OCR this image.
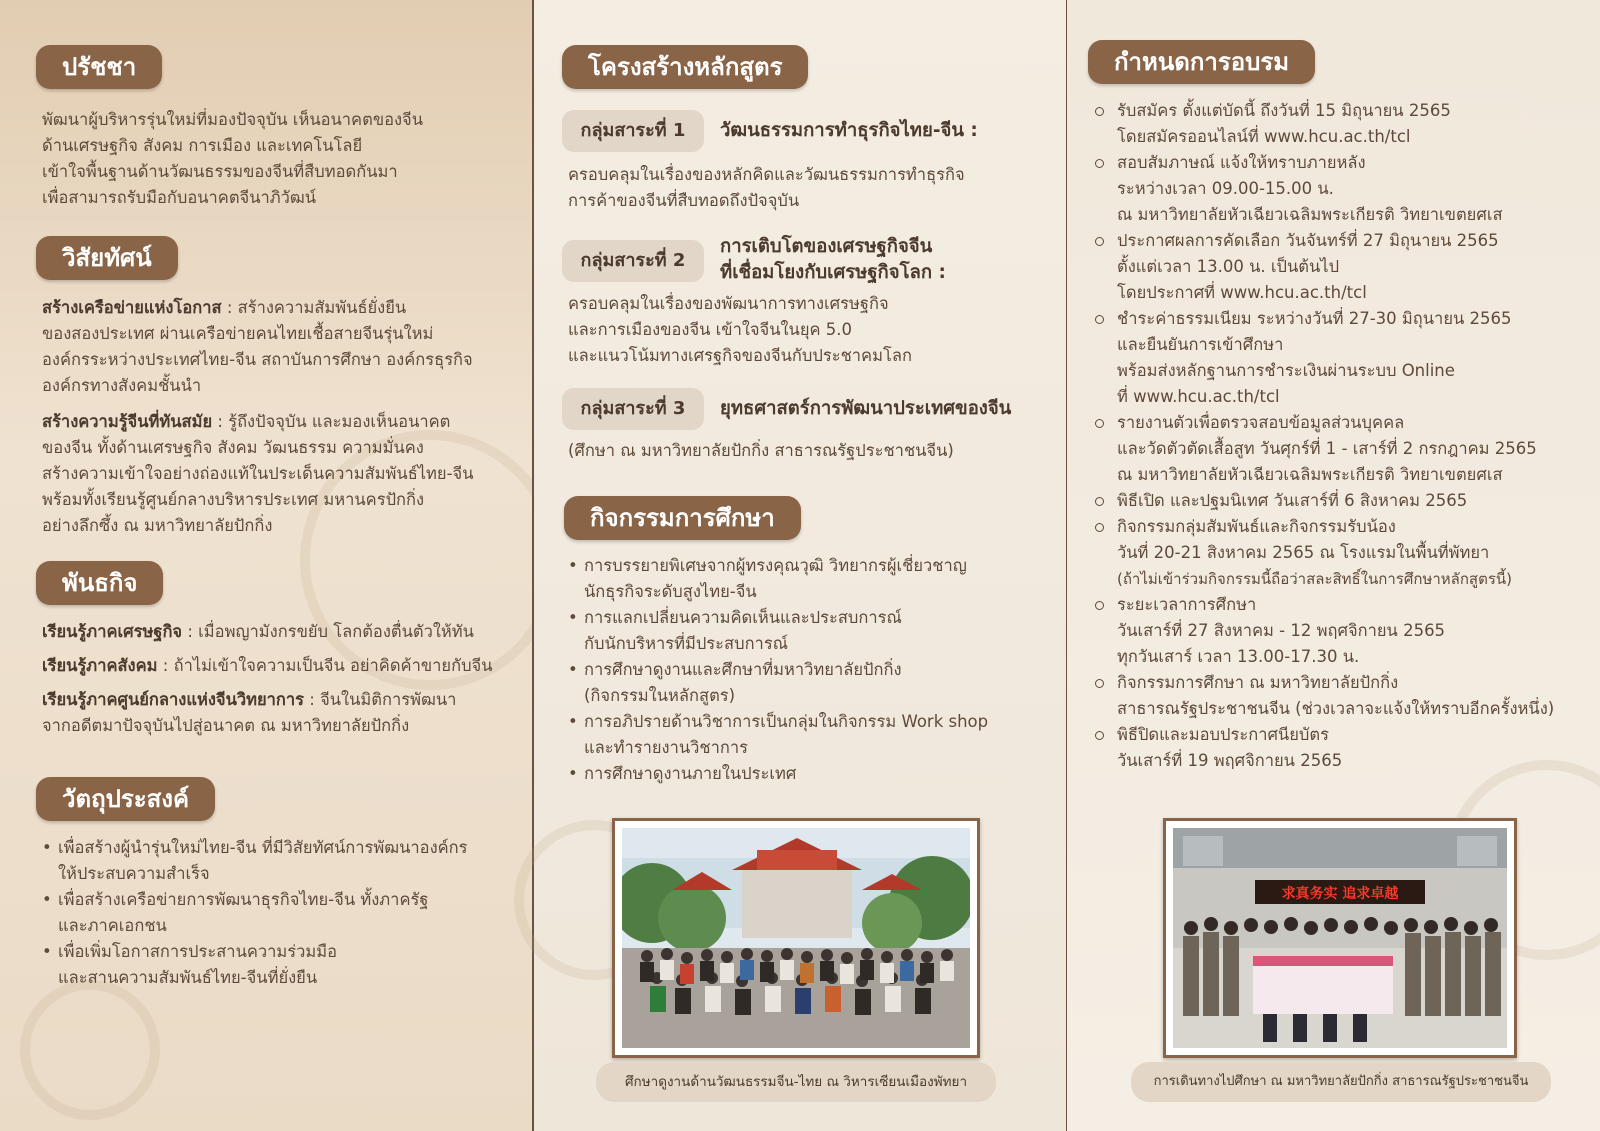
ปรัชชา
พัฒนาผู้บริหารรุ่นใหม่ที่มองปัจจุบัน เห็นอนาคตของจีน
ด้านเศรษฐกิจ สังคม การเมือง และเทคโนโลยี
เข้าใจพื้นฐานด้านวัฒนธรรมของจีนที่สืบทอดกันมา
เพื่อสามารถรับมือกับอนาคตจีนาภิวัฒน์
วิสัยทัศน์
สร้างเครือข่ายแห่งโอกาส : สร้างความสัมพันธ์ยั่งยืน
ของสองประเทศ ผ่านเครือข่ายคนไทยเชื้อสายจีนรุ่นใหม่
องค์กรระหว่างประเทศไทย-จีน สถาบันการศึกษา องค์กรธุรกิจ
องค์กรทางสังคมชั้นนำ
สร้างความรู้จีนที่ทันสมัย : รู้ถึงปัจจุบัน และมองเห็นอนาคต
ของจีน ทั้งด้านเศรษฐกิจ สังคม วัฒนธรรม ความมั่นคง
สร้างความเข้าใจอย่างถ่องแท้ในประเด็นความสัมพันธ์ไทย-จีน
พร้อมทั้งเรียนรู้ศูนย์กลางบริหารประเทศ มหานครปักกิ่ง
อย่างลึกซึ้ง ณ มหาวิทยาลัยปักกิ่ง
พันธกิจ
เรียนรู้ภาคเศรษฐกิจ : เมื่อพญามังกรขยับ โลกต้องตื่นตัวให้ทัน
เรียนรู้ภาคสังคม : ถ้าไม่เข้าใจความเป็นจีน อย่าคิดค้าขายกับจีน
เรียนรู้ภาคศูนย์กลางแห่งจีนวิทยาการ : จีนในมิติการพัฒนา
จากอดีตมาปัจจุบันไปสู่อนาคต ณ มหาวิทยาลัยปักกิ่ง
วัตถุประสงค์
• เพื่อสร้างผู้นำรุ่นใหม่ไทย-จีน ที่มีวิสัยทัศน์การพัฒนาองค์กร
ให้ประสบความสำเร็จ
• เพื่อสร้างเครือข่ายการพัฒนาธุรกิจไทย-จีน ทั้งภาครัฐ
และภาคเอกชน
• เพื่อเพิ่มโอกาสการประสานความร่วมมือ
และสานความสัมพันธ์ไทย-จีนที่ยั่งยืน
โครงสร้างหลักสูตร
กลุ่มสาระที่ 1	วัฒนธรรมการทำธุรกิจไทย-จีน :
ครอบคลุมในเรื่องของหลักคิดและวัฒนธรรมการทำธุรกิจ
การค้าของจีนที่สืบทอดถึงปัจจุบัน
กลุ่มสาระที่ 2
การเติบโตของเศรษฐกิจจีน
ที่เชื่อมโยงกับเศรษฐกิจโลก :
ครอบคลุมในเรื่องของพัฒนาการทางเศรษฐกิจ
และการเมืองของจีน เข้าใจจีนในยุค 5.0
และแนวโน้มทางเศรฐกิจของจีนกับประชาคมโลก
กลุ่มสาระที่ 3	ยุทธศาสตร์การพัฒนาประเทศของจีน
(ศึกษา ณ มหาวิทยาลัยปักกิ่ง สาธารณรัฐประชาชนจีน)
กิจกรรมการศึกษา
• การบรรยายพิเศษจากผู้ทรงคุณวุฒิ วิทยากรผู้เชี่ยวชาญ
นักธุรกิจระดับสูงไทย-จีน
• การแลกเปลี่ยนความคิดเห็นและประสบการณ์
กับนักบริหารที่มีประสบการณ์
• การศึกษาดูงานและศึกษาที่มหาวิทยาลัยปักกิ่ง
(กิจกรรมในหลักสูตร)
• การอภิปรายด้านวิชาการเป็นกลุ่มในกิจกรรม Work shop
และทำรายงานวิชาการ
• การศึกษาดูงานภายในประเทศ
ศึกษาดูงานด้านวัฒนธรรมจีน-ไทย ณ วิหารเซียนเมืองพัทยา
กำหนดการอบรม
รับสมัคร ตั้งแต่บัดนี้ ถึงวันที่ 15 มิถุนายน 2565
โดยสมัครออนไลน์ที่ www.hcu.ac.th/tcl
สอบสัมภาษณ์ แจ้งให้ทราบภายหลัง
ระหว่างเวลา 09.00-15.00 น.
ณ มหาวิทยาลัยหัวเฉียวเฉลิมพระเกียรติ วิทยาเขตยศเส
ประกาศผลการคัดเลือก วันจันทร์ที่ 27 มิถุนายน 2565
ตั้งแต่เวลา 13.00 น. เป็นต้นไป
โดยประกาศที่ www.hcu.ac.th/tcl
ชำระค่าธรรมเนียม ระหว่างวันที่ 27-30 มิถุนายน 2565
และยืนยันการเข้าศึกษา
พร้อมส่งหลักฐานการชำระเงินผ่านระบบ Online
ที่ www.hcu.ac.th/tcl
รายงานตัวเพื่อตรวจสอบข้อมูลส่วนบุคคล
และวัดตัวตัดเสื้อสูท วันศุกร์ที่ 1 - เสาร์ที่ 2 กรกฎาคม 2565
ณ มหาวิทยาลัยหัวเฉียวเฉลิมพระเกียรติ วิทยาเขตยศเส
พิธีเปิด และปฐมนิเทศ วันเสาร์ที่ 6 สิงหาคม 2565
กิจกรรมกลุ่มสัมพันธ์และกิจกรรมรับน้อง
วันที่ 20-21 สิงหาคม 2565 ณ โรงแรมในพื้นที่พัทยา
(ถ้าไม่เข้าร่วมกิจกรรมนี้ถือว่าสละสิทธิ์ในการศึกษาหลักสูตรนี้)
ระยะเวลาการศึกษา
วันเสาร์ที่ 27 สิงหาคม - 12 พฤศจิกายน 2565
ทุกวันเสาร์ เวลา 13.00-17.30 น.
กิจกรรมการศึกษา ณ มหาวิทยาลัยปักกิ่ง
สาธารณรัฐประชาชนจีน (ช่วงเวลาจะแจ้งให้ทราบอีกครั้งหนึ่ง)
พิธีปิดและมอบประกาศนียบัตร
วันเสาร์ที่ 19 พฤศจิกายน 2565
求真务实 追求卓越
การเดินทางไปศึกษา ณ มหาวิทยาลัยปักกิ่ง สาธารณรัฐประชาชนจีน
